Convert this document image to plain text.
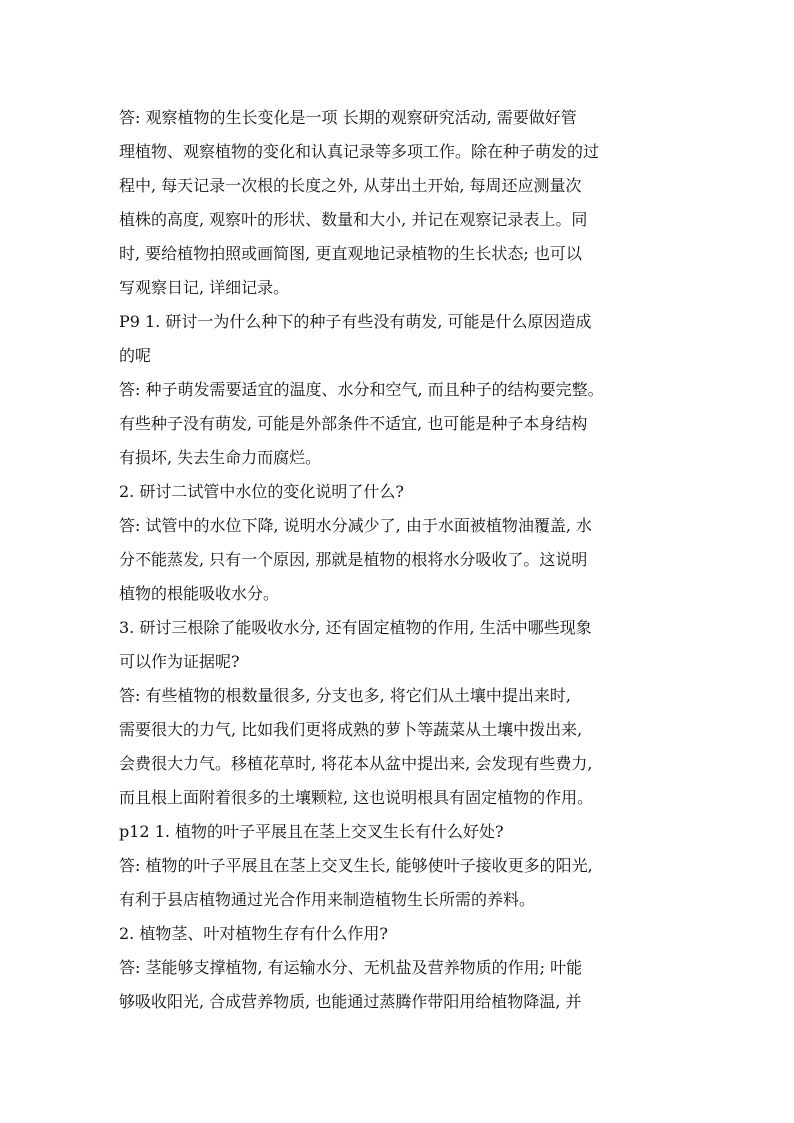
答: 观察植物的生长变化是一项 长期的观察研究活动, 需要做好管
理植物、观察植物的变化和认真记录等多项工作。除在种子萌发的过
程中, 每天记录一次根的长度之外, 从芽出土开始, 每周还应测量次
植株的高度, 观察叶的形状、数量和大小, 并记在观察记录表上。同
时, 要给植物拍照或画简图, 更直观地记录植物的生长状态; 也可以
写观察日记, 详细记录。
P9 1. 研讨一为什么种下的种子有些没有萌发, 可能是什么原因造成
的呢
答: 种子萌发需要适宜的温度、水分和空气, 而且种子的结构要完整。
有些种子没有萌发, 可能是外部条件不适宜, 也可能是种子本身结构
有损坏, 失去生命力而腐烂。
2. 研讨二试管中水位的变化说明了什么?
答: 试管中的水位下降, 说明水分减少了, 由于水面被植物油覆盖, 水
分不能蒸发, 只有一个原因, 那就是植物的根将水分吸收了。这说明
植物的根能吸收水分。
3. 研讨三根除了能吸收水分, 还有固定植物的作用, 生活中哪些现象
可以作为证据呢?
答: 有些植物的根数量很多, 分支也多, 将它们从土壤中提出来时,
需要很大的力气, 比如我们更将成熟的萝卜等蔬菜从土壤中拨出来,
会费很大力气。移植花草时, 将花本从盆中提出来, 会发现有些费力,
而且根上面附着很多的土壤颗粒, 这也说明根具有固定植物的作用。
p12 1. 植物的叶子平展且在茎上交叉生长有什么好处?
答: 植物的叶子平展且在茎上交叉生长, 能够使叶子接收更多的阳光,
有利于县店植物通过光合作用来制造植物生长所需的养料。
2. 植物茎、叶对植物生存有什么作用?
答: 茎能够支撑植物, 有运输水分、无机盐及营养物质的作用; 叶能
够吸收阳光, 合成营养物质, 也能通过蒸腾作带阳用给植物降温, 并
